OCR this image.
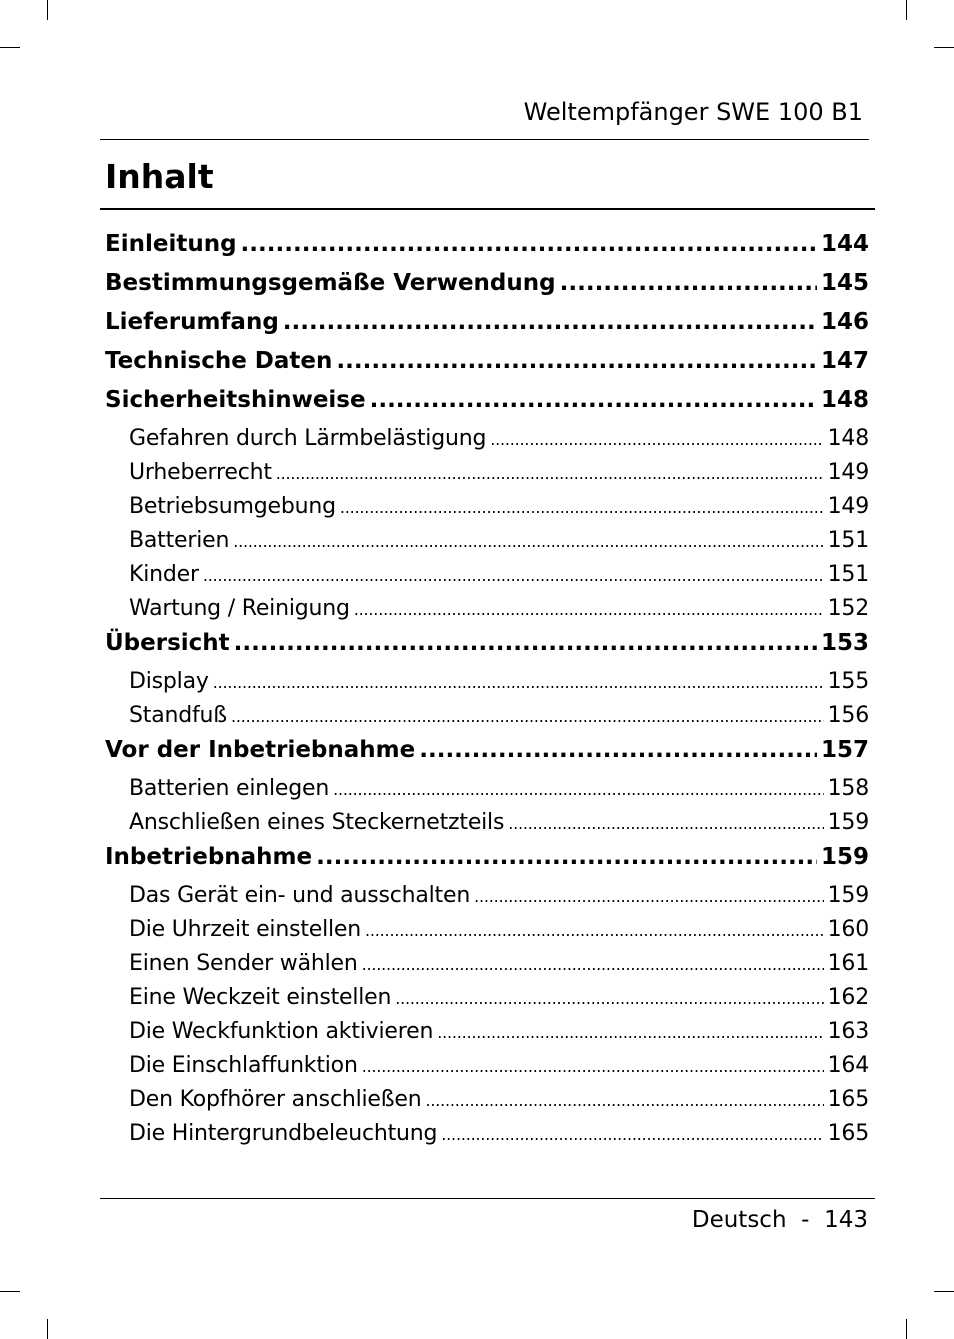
Weltempfänger SWE 100 B1
Inhalt
Einleitung .....	144
Bestimmungsgemäße Verwendung .....	145
Lieferumfang .....	146
Technische Daten .....	147
Sicherheitshinweise .....	148
Gefahren durch Lärmbelästigung .....	148
Urheberrecht .....	149
Betriebsumgebung .....	149
Batterien .....	151
Kinder .....	151
Wartung / Reinigung .....	152
Übersicht .....	153
Display .....	155
Standfuß .....	156
Vor der Inbetriebnahme .....	157
Batterien einlegen .....	158
Anschließen eines Steckernetzteils .....	159
Inbetriebnahme .....	159
Das Gerät ein- und ausschalten .....	159
Die Uhrzeit einstellen .....	160
Einen Sender wählen .....	161
Eine Weckzeit einstellen .....	162
Die Weckfunktion aktivieren .....	163
Die Einschlaffunktion .....	164
Den Kopfhörer anschließen .....	165
Die Hintergrundbeleuchtung .....	165
Deutsch - 143
